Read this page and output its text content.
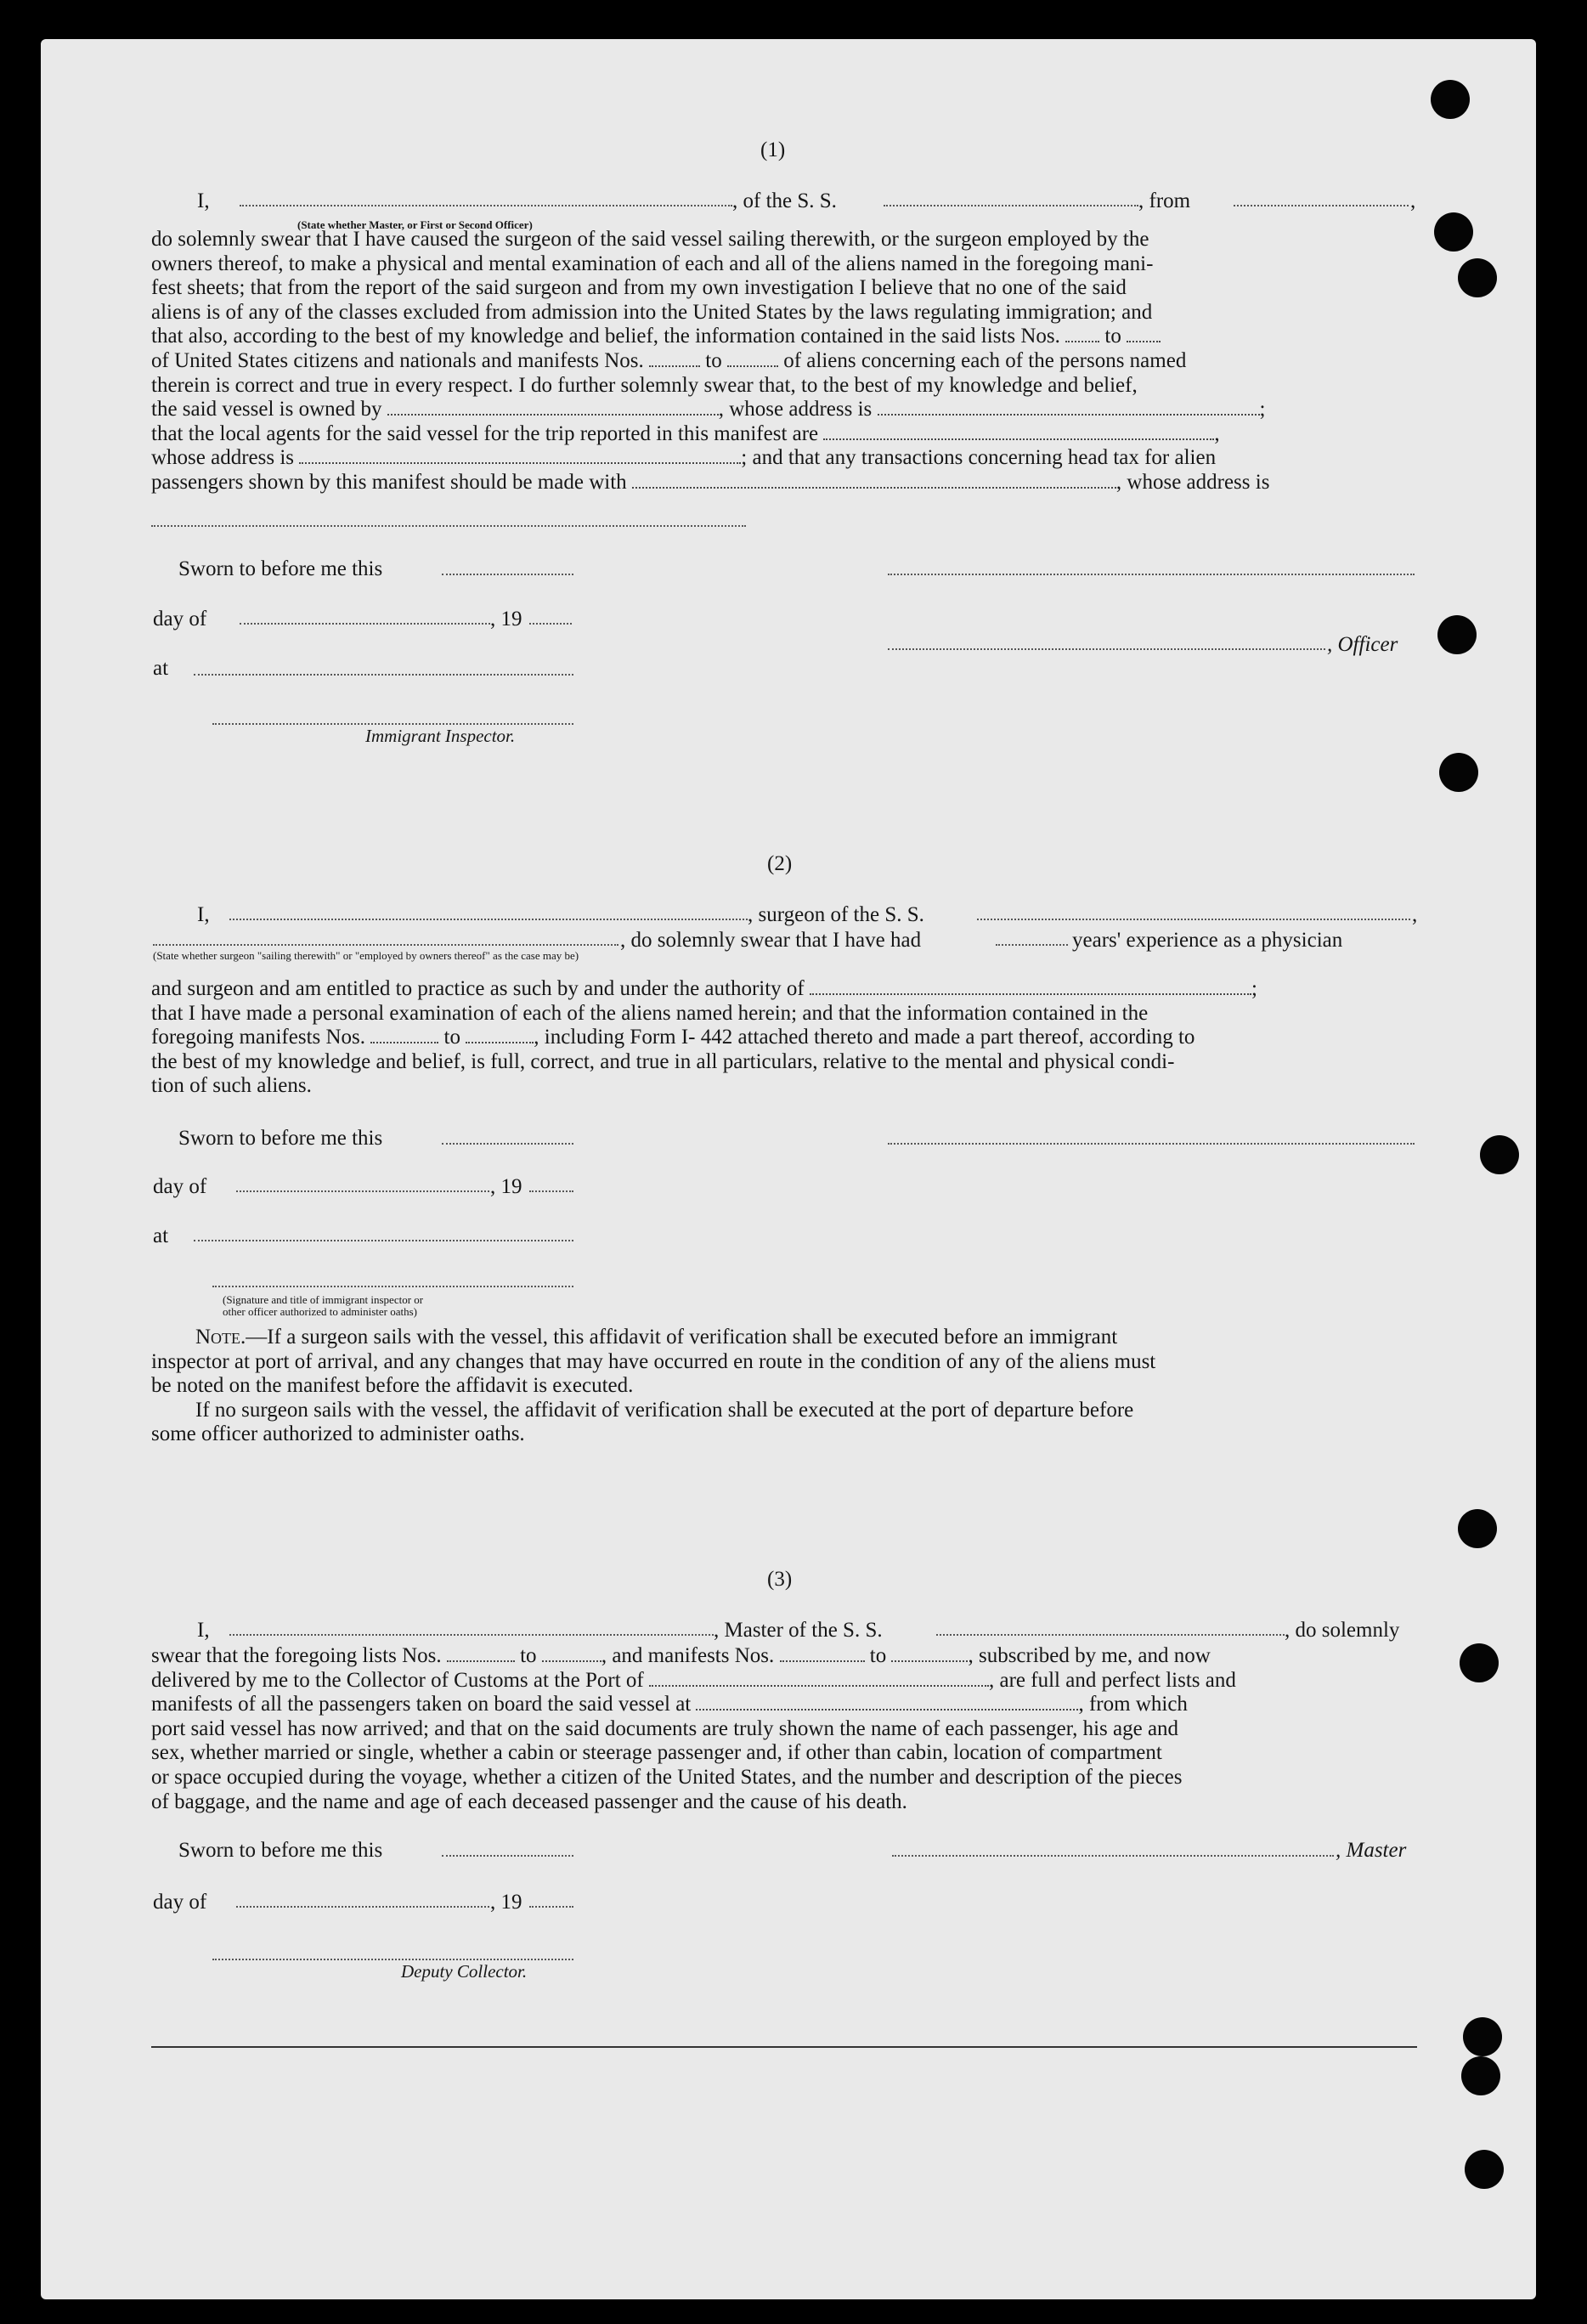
(1)
I,	, of the S. S.	, from	,
(State whether Master, or First or Second Officer)
do solemnly swear that I have caused the surgeon of the said vessel sailing therewith, or the surgeon employed by the
owners thereof, to make a physical and mental examination of each and all of the aliens named in the foregoing mani-
fest sheets; that from the report of the said surgeon and from my own investigation I believe that no one of the said
aliens is of any of the classes excluded from admission into the United States by the laws regulating immigration; and
that also, according to the best of my knowledge and belief, the information contained in the said lists Nos. to
of United States citizens and nationals and manifests Nos.	to	of aliens concerning each of the persons named
therein is correct and true in every respect. I do further solemnly swear that, to the best of my knowledge and belief,
the said vessel is owned by	, whose address is	;
that the local agents for the said vessel for the trip reported in this manifest are	,
whose address is	; and that any transactions concerning head tax for alien
passengers shown by this manifest should be made with	, whose address is
Sworn to before me this
day of	, 19
, Officer
at
Immigrant Inspector.
(2)
I,	, surgeon of the S. S.	,
, do solemnly swear that I have had	years' experience as a physician
(State whether surgeon "sailing therewith" or "employed by owners thereof" as the case may be)
and surgeon and am entitled to practice as such by and under the authority of	;
that I have made a personal examination of each of the aliens named herein; and that the information contained in the
foregoing manifests Nos.	to	, including Form I- 442 attached thereto and made a part thereof, according to
the best of my knowledge and belief, is full, correct, and true in all particulars, relative to the mental and physical condi-
tion of such aliens.
Sworn to before me this
day of	, 19
at
(Signature and title of immigrant inspector or
other officer authorized to administer oaths)
Note.—If a surgeon sails with the vessel, this affidavit of verification shall be executed before an immigrant
inspector at port of arrival, and any changes that may have occurred en route in the condition of any of the aliens must
be noted on the manifest before the affidavit is executed.
If no surgeon sails with the vessel, the affidavit of verification shall be executed at the port of departure before
some officer authorized to administer oaths.
(3)
I,	, Master of the S. S.	, do solemnly
swear that the foregoing lists Nos.	to	, and manifests Nos.	to	, subscribed by me, and now
delivered by me to the Collector of Customs at the Port of	, are full and perfect lists and
manifests of all the passengers taken on board the said vessel at	, from which
port said vessel has now arrived; and that on the said documents are truly shown the name of each passenger, his age and
sex, whether married or single, whether a cabin or steerage passenger and, if other than cabin, location of compartment
or space occupied during the voyage, whether a citizen of the United States, and the number and description of the pieces
of baggage, and the name and age of each deceased passenger and the cause of his death.
Sworn to before me this	, Master
day of	, 19
Deputy Collector.
